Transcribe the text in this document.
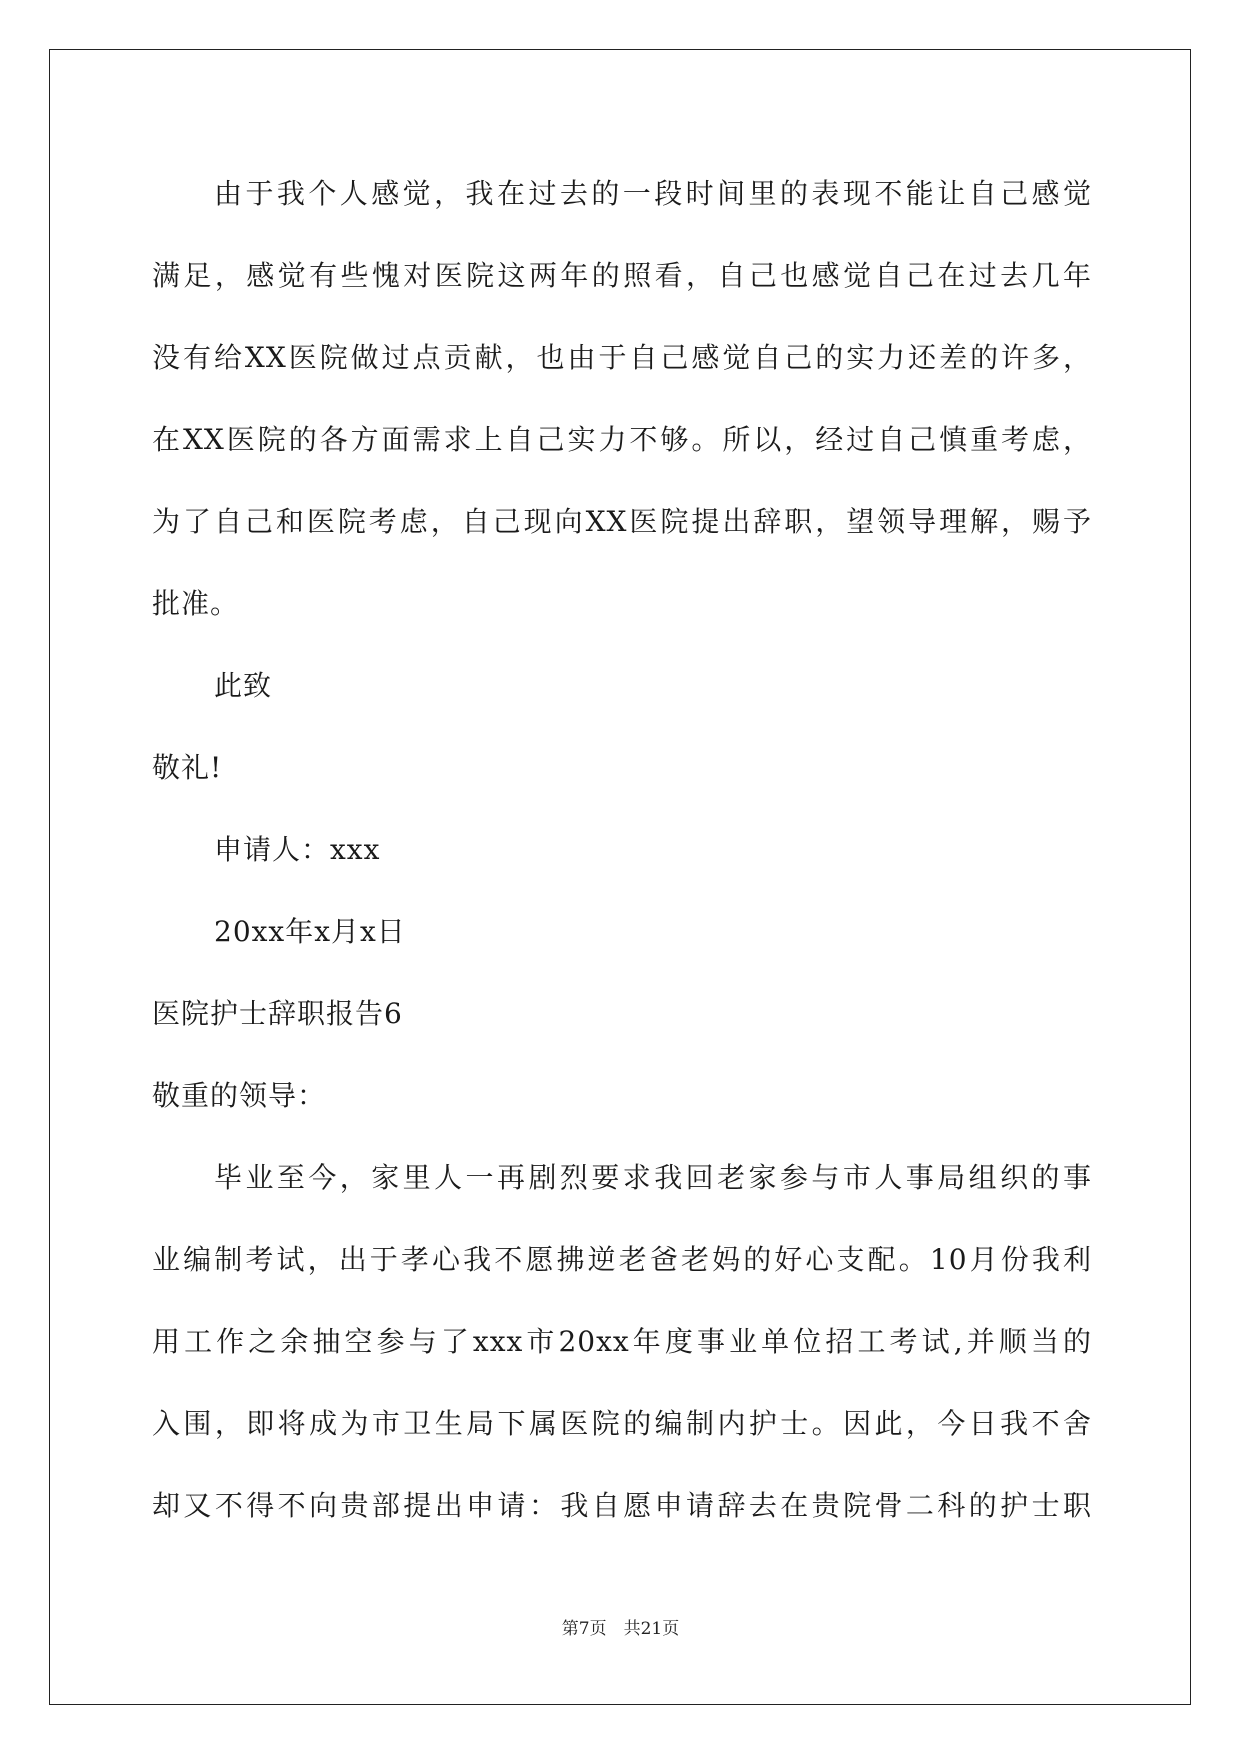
由于我个人感觉，我在过去的一段时间里的表现不能让自己感觉
满足，感觉有些愧对医院这两年的照看，自己也感觉自己在过去几年
没有给XX医院做过点贡献，也由于自己感觉自己的实力还差的许多，
在XX医院的各方面需求上自己实力不够。所以，经过自己慎重考虑，
为了自己和医院考虑，自己现向XX医院提出辞职，望领导理解，赐予
批准。
此致
敬礼!
申请人：xxx
20xx年x月x日
医院护士辞职报告6
敬重的领导：
毕业至今，家里人一再剧烈要求我回老家参与市人事局组织的事
业编制考试，出于孝心我不愿拂逆老爸老妈的好心支配。10月份我利
用工作之余抽空参与了xxx市20xx年度事业单位招工考试,并顺当的
入围，即将成为市卫生局下属医院的编制内护士。因此，今日我不舍
却又不得不向贵部提出申请：我自愿申请辞去在贵院骨二科的护士职
第7页　共21页
